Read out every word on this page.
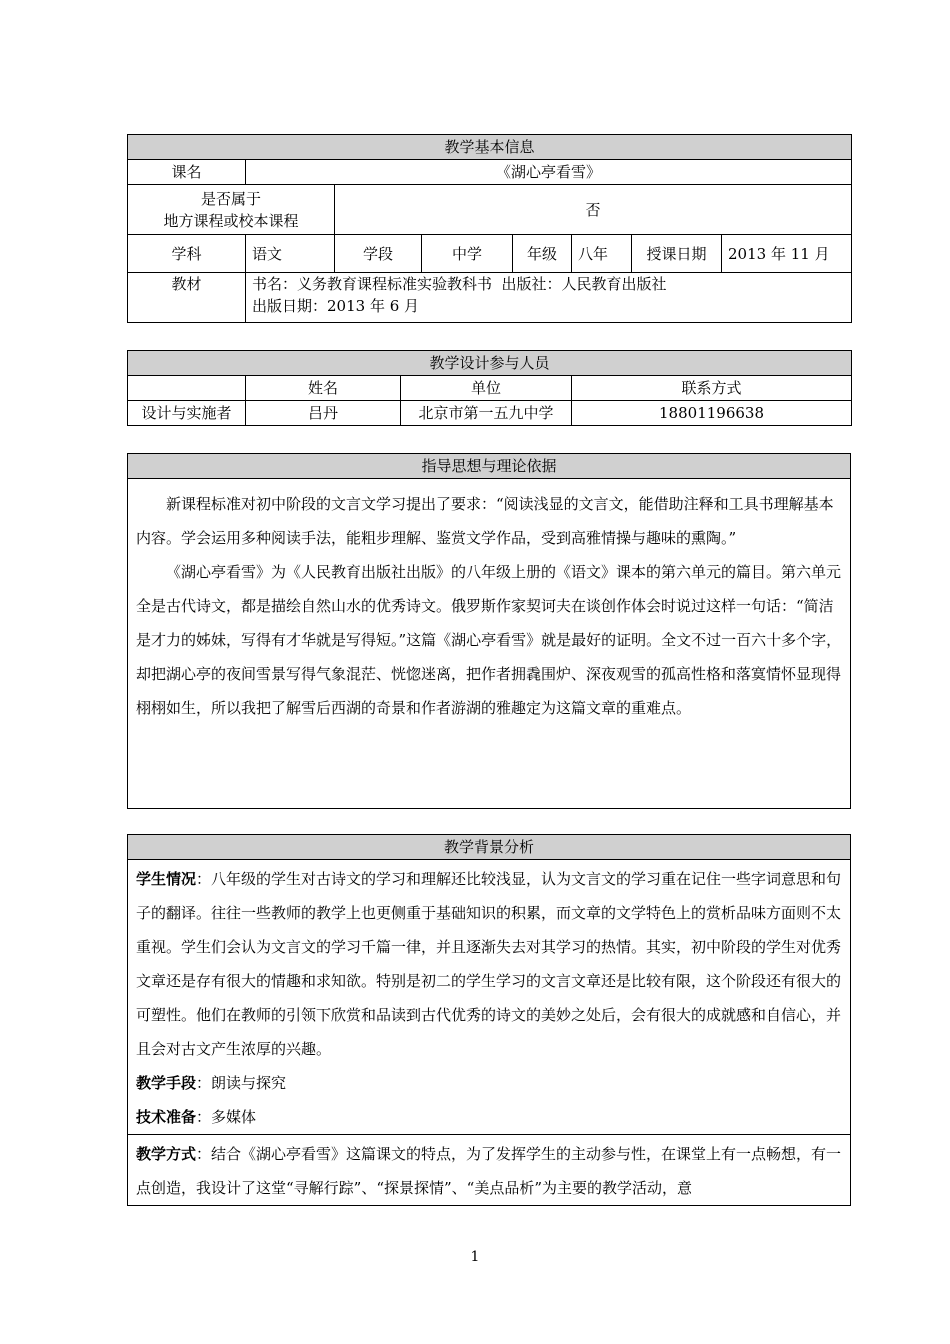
教学基本信息							
课名	《湖心亭看雪》						

是否属于
地方课程或校本课程		否					
学科	语文	学段	中学	年级	八年	授课日期	2013 年 11 月
教材	书名：义务教育课程标准实验教科书  出版社：人民教育出版社
出版日期：2013 年 6 月						
教学设计参与人员			
	姓名	单位	联系方式
设计与实施者	吕丹	北京市第一五九中学	18801196638
指导思想与理论依据

新课程标准对初中阶段的文言文学习提出了要求：“阅读浅显的文言文，能借助注释和工具书理解基本内容。学会运用多种阅读手法，能粗步理解、鉴赏文学作品，受到高雅情操与趣味的熏陶。”

《湖心亭看雪》为《人民教育出版社出版》的八年级上册的《语文》课本的第六单元的篇目。第六单元全是古代诗文，都是描绘自然山水的优秀诗文。俄罗斯作家契诃夫在谈创作体会时说过这样一句话：“简洁是才力的姊妹，写得有才华就是写得短。”这篇《湖心亭看雪》就是最好的证明。全文不过一百六十多个字，却把湖心亭的夜间雪景写得气象混茫、恍惚迷离，把作者拥毳围炉、深夜观雪的孤高性格和落寞情怀显现得栩栩如生，所以我把了解雪后西湖的奇景和作者游湖的雅趣定为这篇文章的重难点。

教学背景分析

学生情况：八年级的学生对古诗文的学习和理解还比较浅显，认为文言文的学习重在记住一些字词意思和句子的翻译。往往一些教师的教学上也更侧重于基础知识的积累，而文章的文学特色上的赏析品味方面则不太重视。学生们会认为文言文的学习千篇一律，并且逐渐失去对其学习的热情。其实，初中阶段的学生对优秀文章还是存有很大的情趣和求知欲。特别是初二的学生学习的文言文章还是比较有限，这个阶段还有很大的可塑性。他们在教师的引领下欣赏和品读到古代优秀的诗文的美妙之处后，会有很大的成就感和自信心，并且会对古文产生浓厚的兴趣。

教学手段：朗读与探究

技术准备：多媒体

教学方式：结合《湖心亭看雪》这篇课文的特点，为了发挥学生的主动参与性，在课堂上有一点畅想，有一点创造，我设计了这堂“寻解行踪”、“探景探情”、“美点品析”为主要的教学活动，意

1
